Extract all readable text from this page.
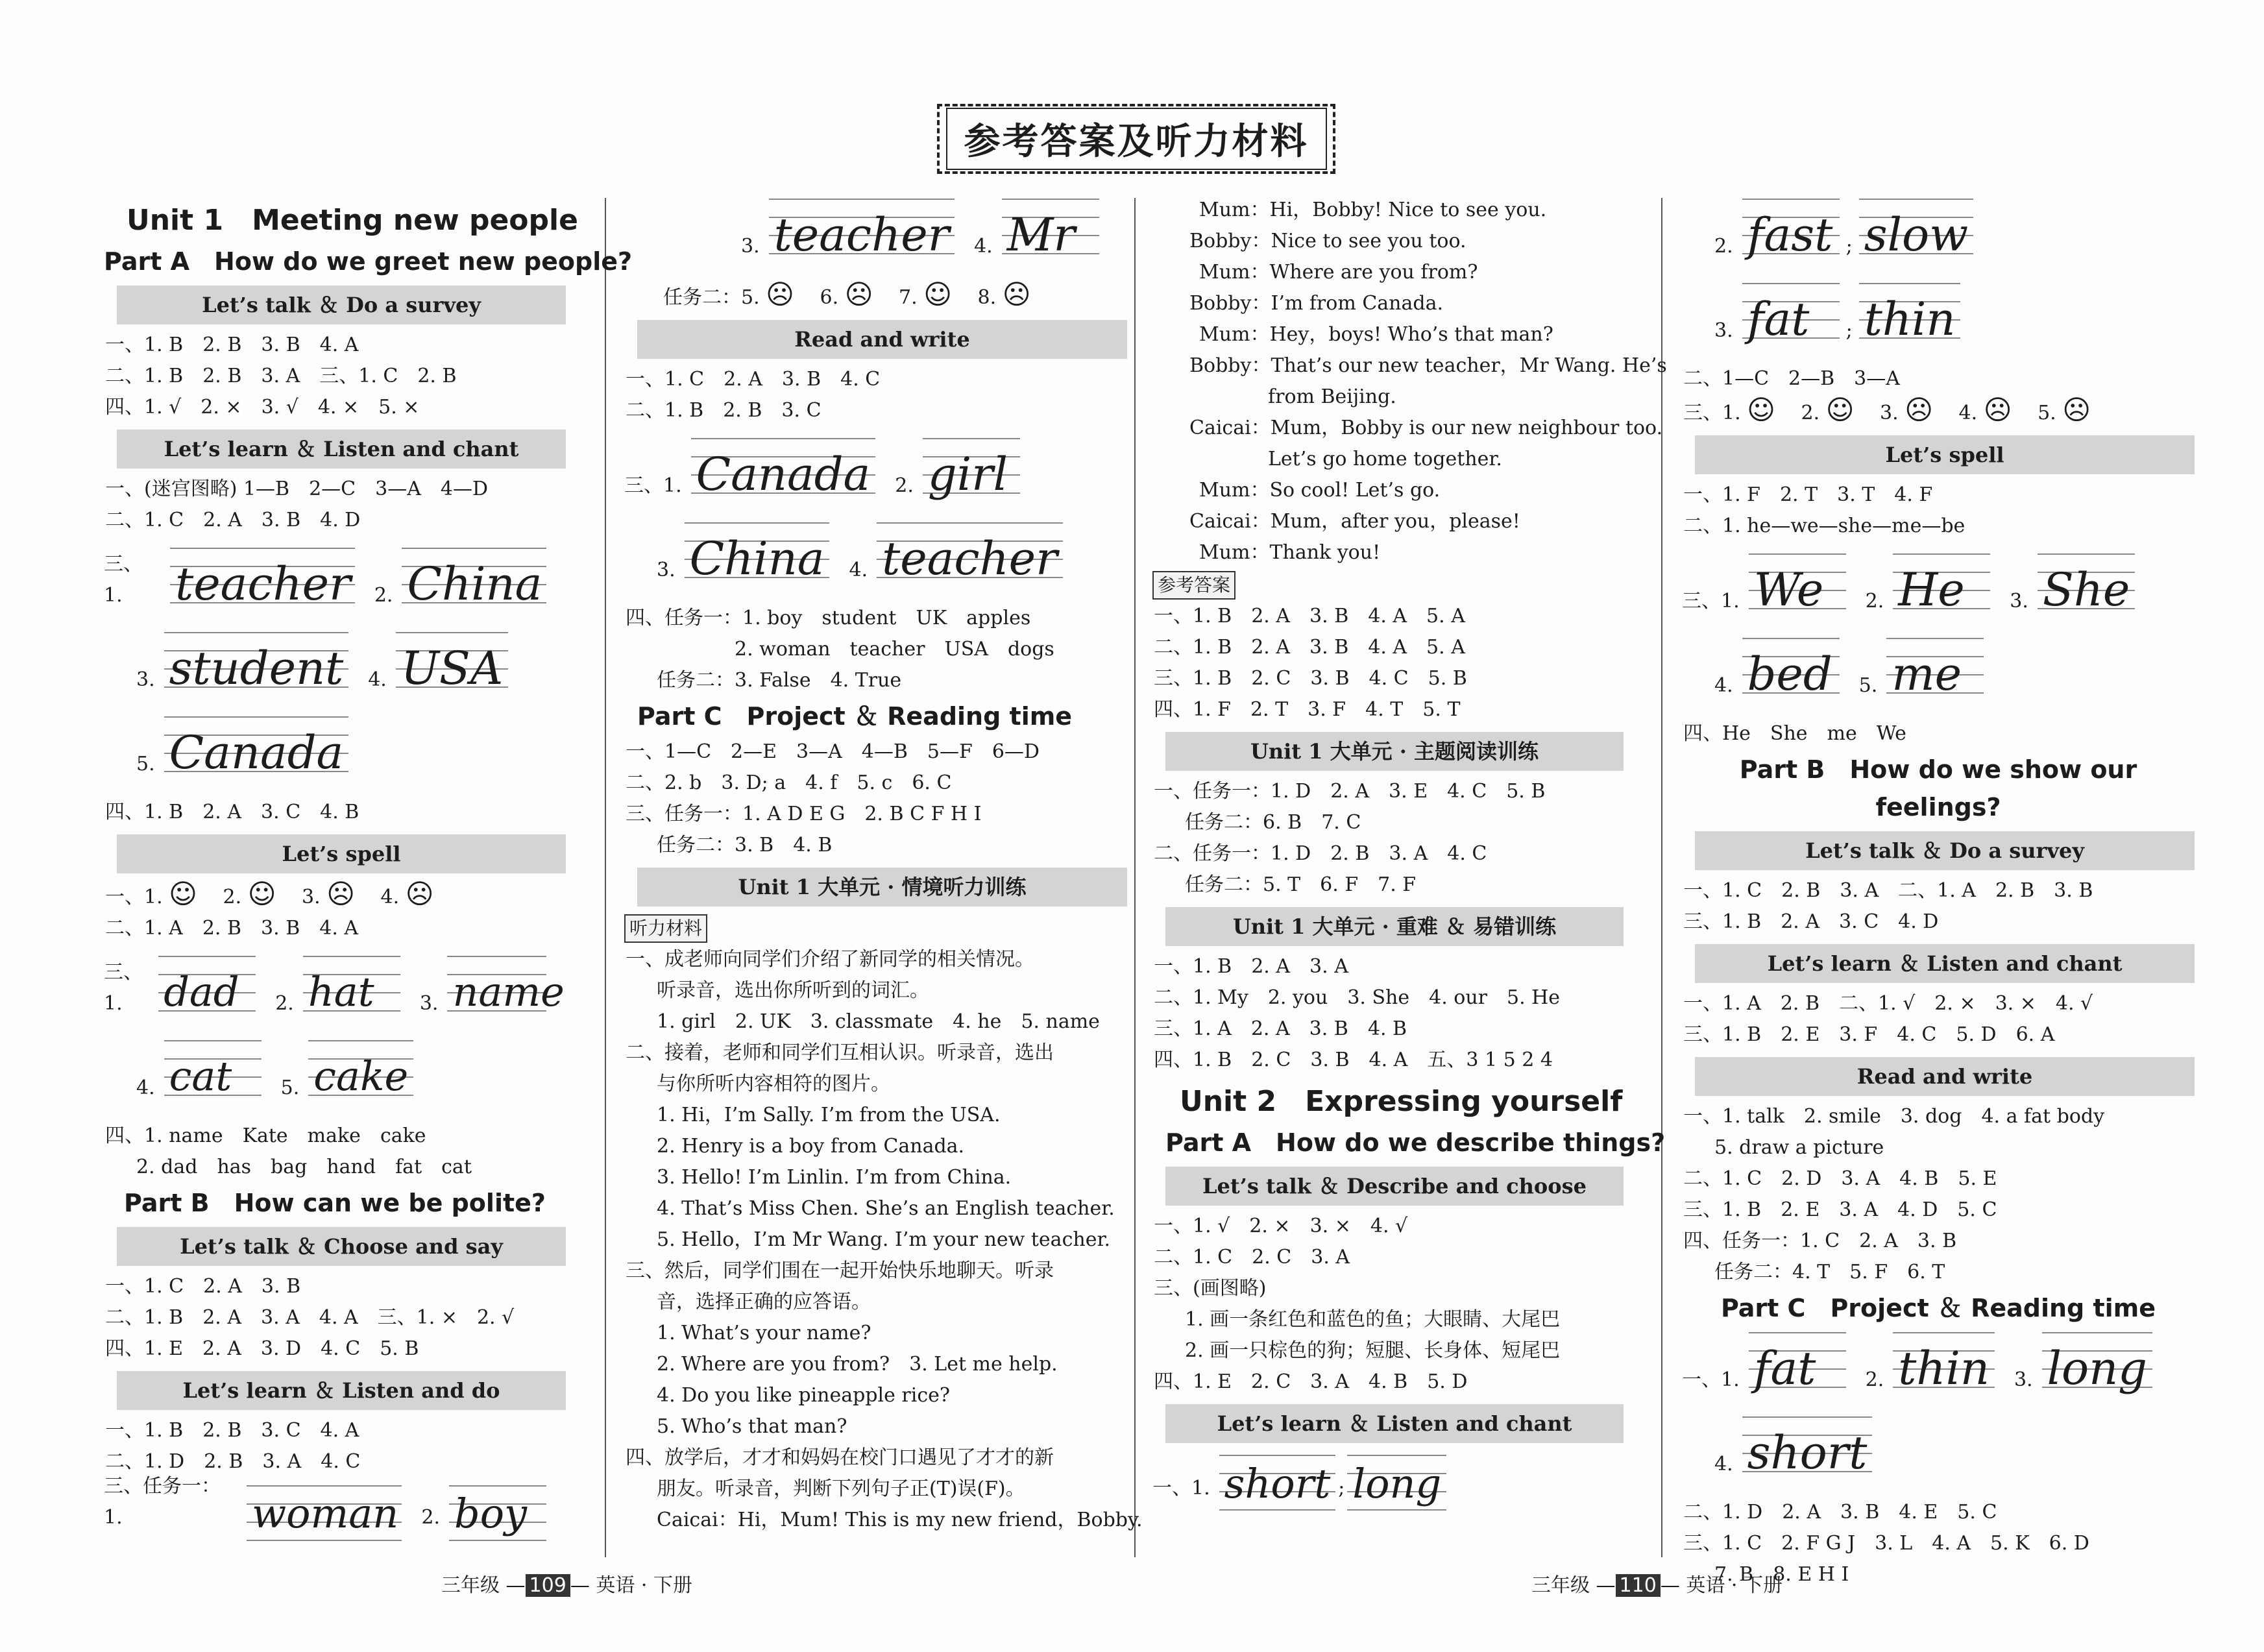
参考答案及听力材料
Unit 1　Meeting new people
Part A　How do we greet new people?
Let’s talk ＆ Do a survey
一、1. B　2. B　3. B　4. A
二、1. B　2. B　3. A　三、1. C　2. B
四、1. √　2. ×　3. √　4. ×　5. ×
Let’s learn ＆ Listen and chant
一、(迷宫图略) 1—B　2—C　3—A　4—D
二、1. C　2. A　3. B　4. D
三、1.	teacher 2. China
3. student 4. USA
5. Canada
四、1. B　2. A　3. C　4. B
Let’s spell
一、1. ☺　 2. ☺　 3. ☹　 4. ☹
二、1. A　2. B　3. B　4. A
三、1.	dad	2. hat	3. name
4. cat	5. cake
四、1. name　Kate　make　cake
2. dad　has　bag　hand　fat　cat
Part B　How can we be polite?
Let’s talk ＆ Choose and say
一、1. C　2. A　3. B
二、1. B　2. A　3. A　4. A　三、1. ×　2. √
四、1. E　2. A　3. D　4. C　5. B
Let’s learn ＆ Listen and do
一、1. B　2. B　3. C　4. A
二、1. D　2. B　3. A　4. C
三、任务一：1.	woman 2. boy
三年级 — 109 — 英语 · 下册
3. teacher 4. Mr
任务二：5. ☹　 6. ☹　 7. ☺　 8. ☹
Read and write
一、1. C　2. A　3. B　4. C
二、1. B　2. B　3. C
三、1. Canada 2. girl
3. China 4. teacher
四、任务一：1. boy　student　UK　apples
2. woman　teacher　USA　dogs
任务二：3. False　4. True
Part C　Project ＆ Reading time
一、1—C　2—E　3—A　4—B　5—F　6—D
二、2. b　3. D; a　4. f　5. c　6. C
三、任务一：1. A D E G　2. B C F H I
任务二：3. B　4. B
Unit 1 大单元 · 情境听力训练
听力材料
一、成老师向同学们介绍了新同学的相关情况。
听录音，选出你所听到的词汇。
1. girl　2. UK　3. classmate　4. he　5. name
二、接着，老师和同学们互相认识。听录音，选出
与你所听内容相符的图片。
1. Hi，I’m Sally. I’m from the USA.
2. Henry is a boy from Canada.
3. Hello! I’m Linlin. I’m from China.
4. That’s Miss Chen. She’s an English teacher.
5. Hello，I’m Mr Wang. I’m your new teacher.
三、然后，同学们围在一起开始快乐地聊天。听录
音，选择正确的应答语。
1. What’s your name?
2. Where are you from?　3. Let me help.
4. Do you like pineapple rice?
5. Who’s that man?
四、放学后，才才和妈妈在校门口遇见了才才的新
朋友。听录音，判断下列句子正(T)误(F)。
Caicai：Hi，Mum! This is my new friend，Bobby.
Mum：Hi，Bobby! Nice to see you.
Bobby：Nice to see you too.
Mum：Where are you from?
Bobby：I’m from Canada.
Mum：Hey，boys! Who’s that man?
Bobby：That’s our new teacher，Mr Wang. He’s
from Beijing.
Caicai：Mum，Bobby is our new neighbour too.
Let’s go home together.
Mum：So cool! Let’s go.
Caicai：Mum，after you，please!
Mum：Thank you!
参考答案
一、1. B　2. A　3. B　4. A　5. A
二、1. B　2. A　3. B　4. A　5. A
三、1. B　2. C　3. B　4. C　5. B
四、1. F　2. T　3. F　4. T　5. T
Unit 1 大单元 · 主题阅读训练
一、任务一：1. D　2. A　3. E　4. C　5. B
任务二：6. B　7. C
二、任务一：1. D　2. B　3. A　4. C
任务二：5. T　6. F　7. F
Unit 1 大单元 · 重难 ＆ 易错训练
一、1. B　2. A　3. A
二、1. My　2. you　3. She　4. our　5. He
三、1. A　2. A　3. B　4. B
四、1. B　2. C　3. B　4. A　五、3 1 5 2 4
Unit 2　Expressing yourself
Part A　How do we describe things?
Let’s talk ＆ Describe and choose
一、1. √　2. ×　3. ×　4. √
二、1. C　2. C　3. A
三、(画图略)
1. 画一条红色和蓝色的鱼；大眼睛、大尾巴
2. 画一只棕色的狗；短腿、长身体、短尾巴
四、1. E　2. C　3. A　4. B　5. D
Let’s learn ＆ Listen and chant
一、1. short ; long
2. fast ; slow
3. fat	; thin
二、1—C　2—B　3—A
三、1. ☺　 2. ☺　 3. ☹　 4. ☹　 5. ☹
Let’s spell
一、1. F　2. T　3. T　4. F
二、1. he—we—she—me—be
三、1. We	2. He	3. She
4. bed	5. me
四、He　She　me　We
Part B　How do we show our
feelings?
Let’s talk ＆ Do a survey
一、1. C　2. B　3. A　二、1. A　2. B　3. B
三、1. B　2. A　3. C　4. D
Let’s learn ＆ Listen and chant
一、1. A　2. B　二、1. √　2. ×　3. ×　4. √
三、1. B　2. E　3. F　4. C　5. D　6. A
Read and write
一、1. talk　2. smile　3. dog　4. a fat body
5. draw a picture
二、1. C　2. D　3. A　4. B　5. E
三、1. B　2. E　3. A　4. D　5. C
四、任务一：1. C　2. A　3. B
任务二：4. T　5. F　6. T
Part C　Project ＆ Reading time
一、1. fat	2. thin 3. long
4. short
二、1. D　2. A　3. B　4. E　5. C
三、1. C　2. F G J　3. L　4. A　5. K　6. D
7. B　8. E H I
三年级 — 110 — 英语 · 下册
